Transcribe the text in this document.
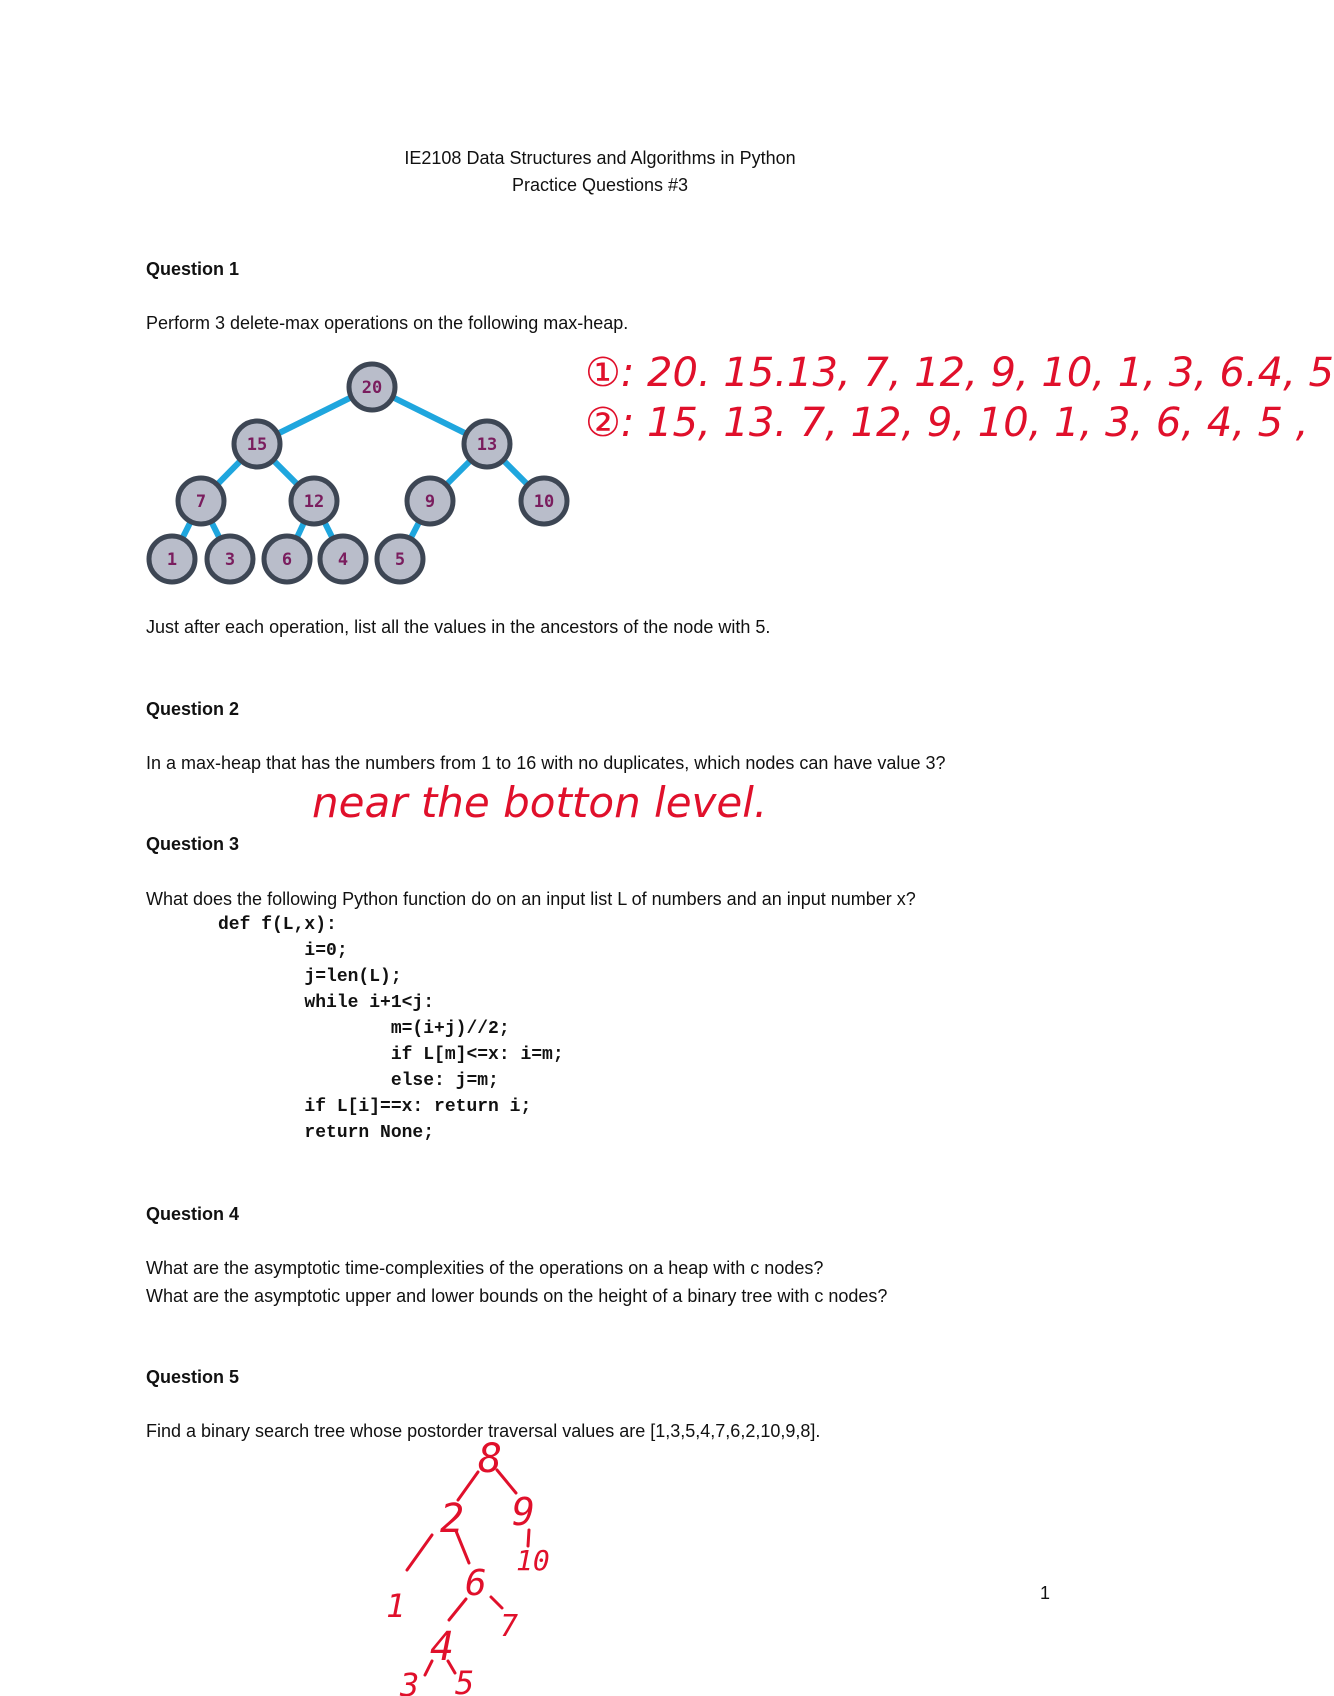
IE2108 Data Structures and Algorithms in Python
Practice Questions #3
Question 1
Perform 3 delete-max operations on the following max-heap.
20
15	13
7	12	9	10
1	3	6	4	5
①: 20. 15.13, 7, 12, 9, 10, 1, 3, 6.4, 5
②: 15, 13. 7, 12, 9, 10, 1, 3, 6, 4, 5 ,
Just after each operation, list all the values in the ancestors of the node with 5.
Question 2
In a max-heap that has the numbers from 1 to 16 with no duplicates, which nodes can have value 3?
near the botton level.
Question 3
What does the following Python function do on an input list L of numbers and an input number x?
def f(L,x):
i=0;
j=len(L);
while i+1<j:
m=(i+j)//2;
if L[m]<=x: i=m;
else: j=m;
if L[i]==x: return i;
return None;
Question 4
What are the asymptotic time-complexities of the operations on a heap with c nodes?
What are the asymptotic upper and lower bounds on the height of a binary tree with c nodes?
Question 5
Find a binary search tree whose postorder traversal values are [1,3,5,4,7,6,2,10,9,8].
8
2 9
10
1
6
7
4
3 5
1
